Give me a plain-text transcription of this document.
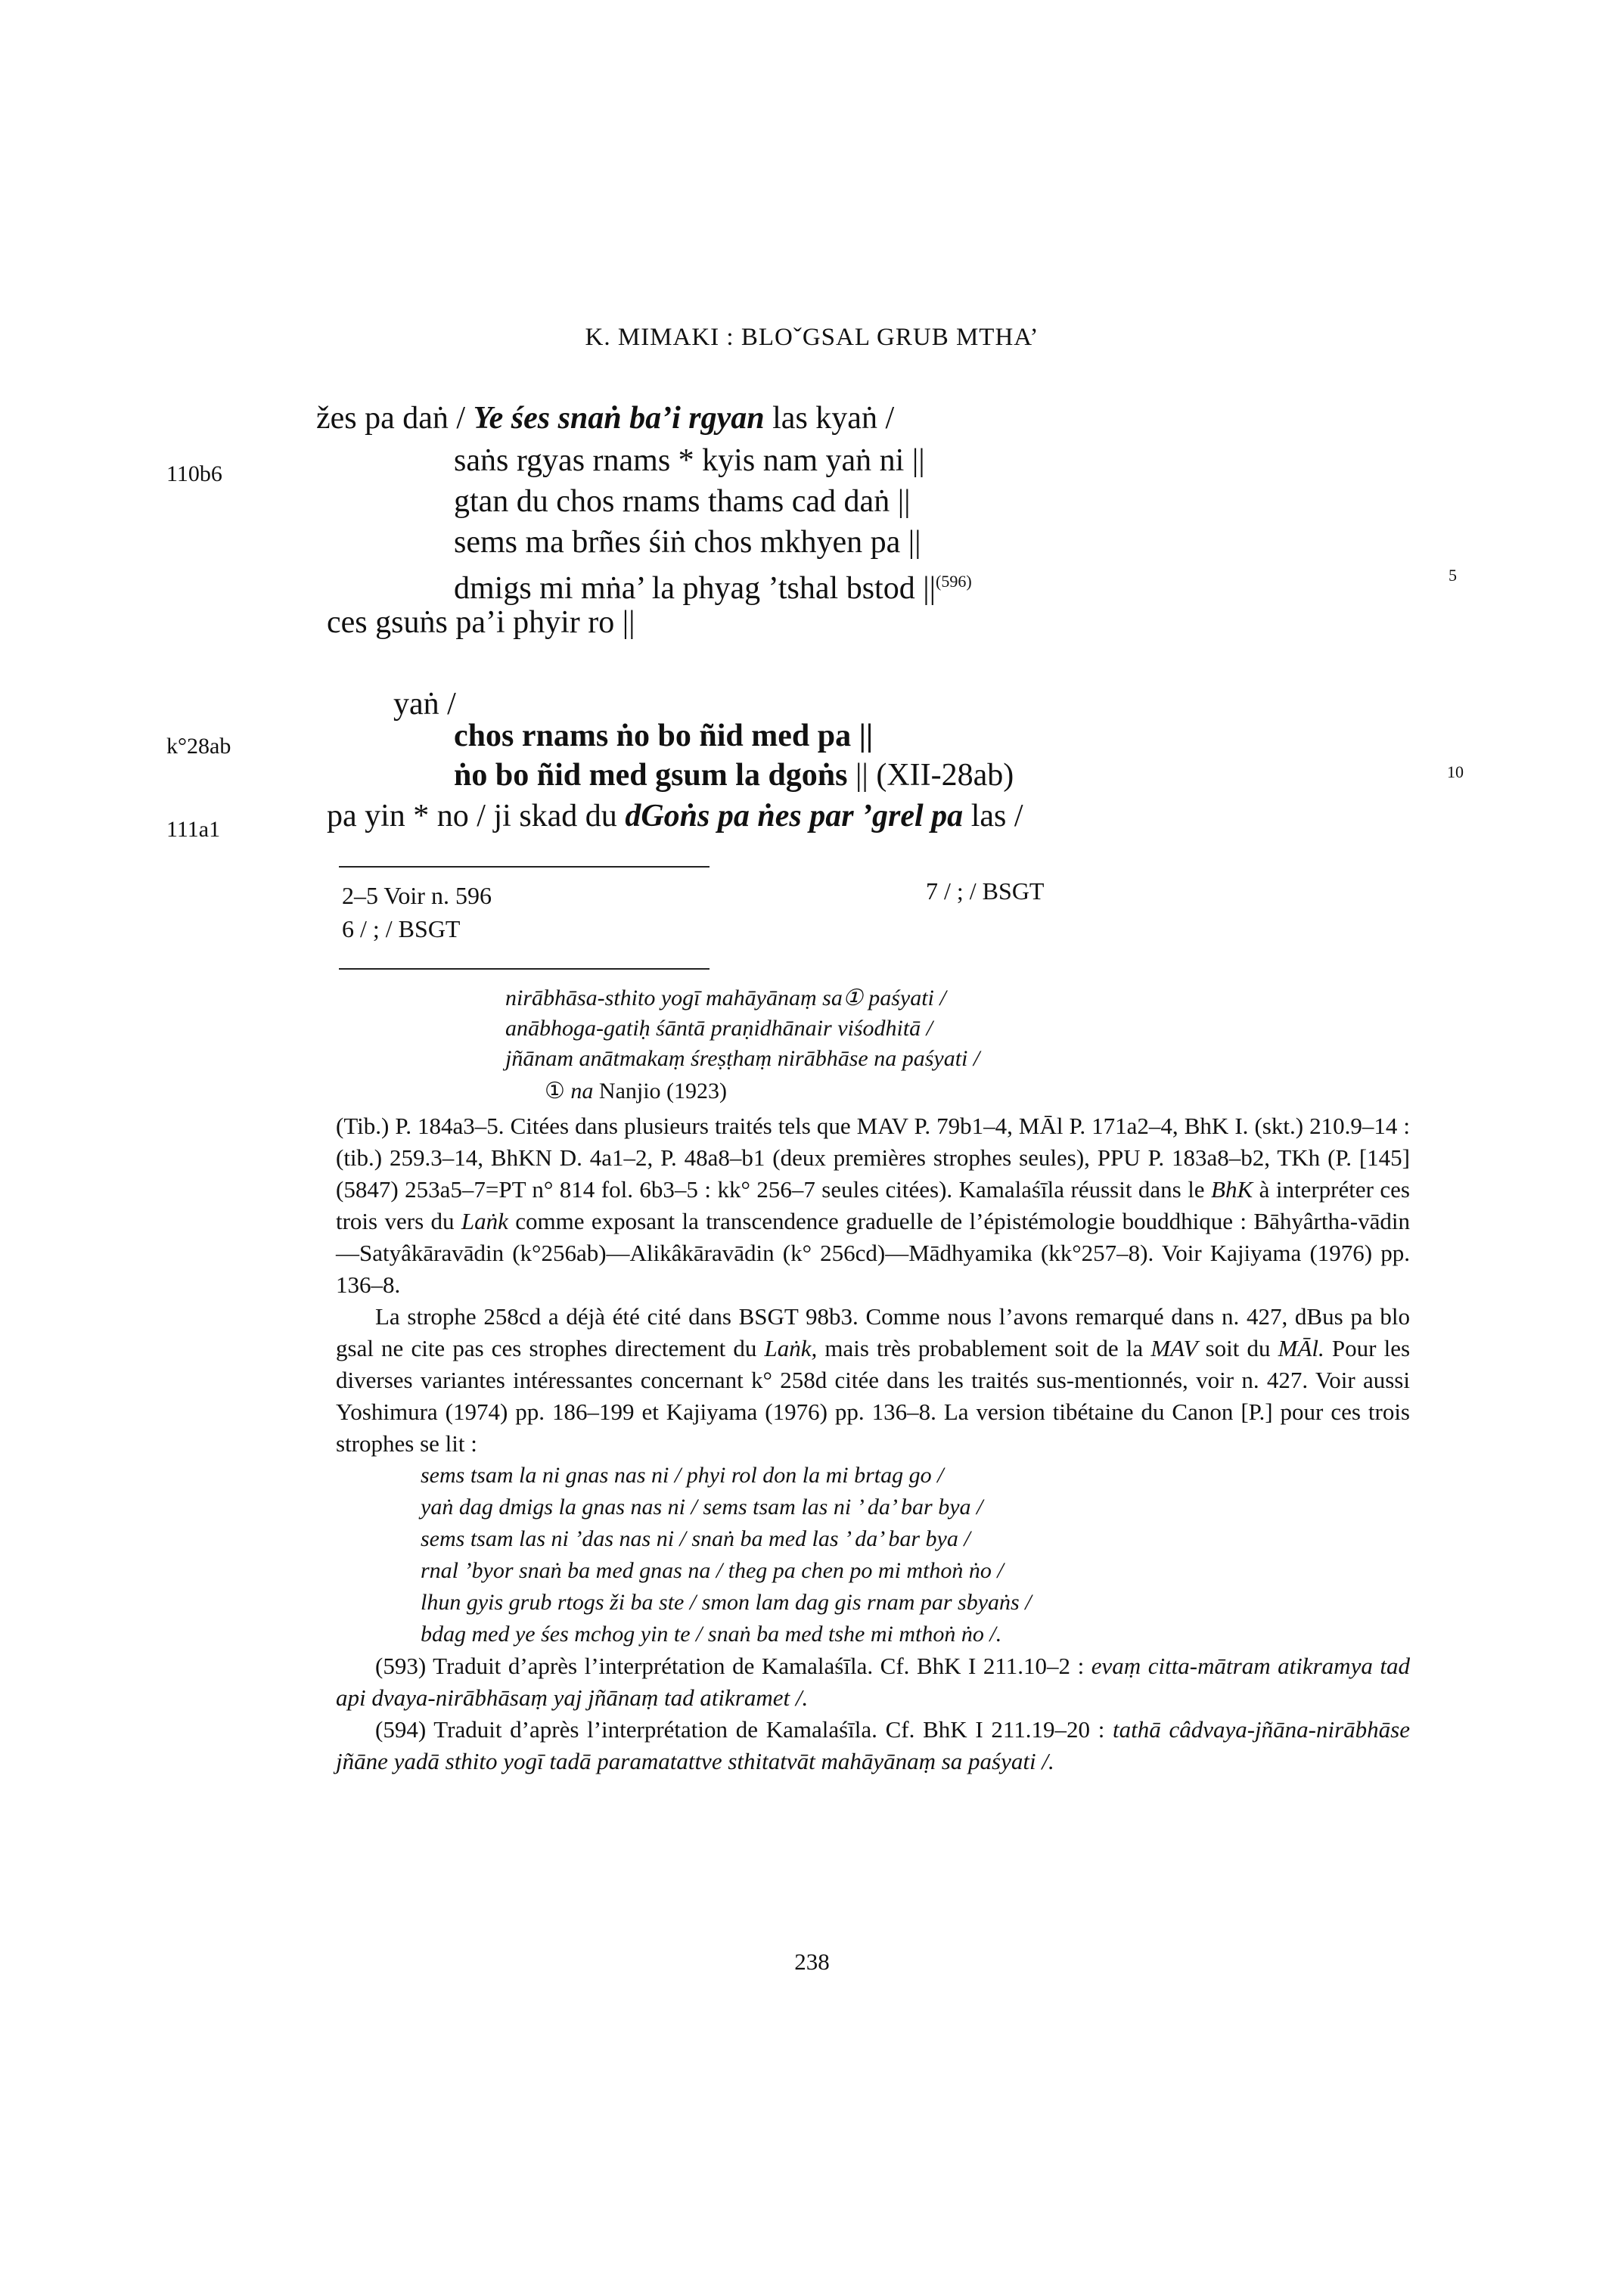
K. MIMAKI : BLOˇGSAL GRUB MTHA’
110b6
k°28ab
111a1
5
10
žes pa daṅ / Ye śes snaṅ ba’i rgyan las kyaṅ /
saṅs rgyas rnams * kyis nam yaṅ ni ||
gtan du chos rnams thams cad daṅ ||
sems ma brñes śiṅ chos mkhyen pa ||
dmigs mi mṅa’ la phyag ’tshal bstod $||^{(596)}$
ces gsuṅs pa’i phyir ro ||
yaṅ /
chos rnams ṅo bo ñid med pa ||
ṅo bo ñid med gsum la dgoṅs || (XII-28ab)
pa yin * no / ji skad du dGoṅs pa ṅes par ’grel pa las /
2–5 Voir n. 596
6 / ; / BSGT
7 / ; / BSGT
nirābhāsa-sthito yogī mahāyānaṃ sa① paśyati /
anābhoga-gatiḥ śāntā praṇidhānair viśodhitā /
jñānam anātmakaṃ śreṣṭhaṃ nirābhāse na paśyati /
① na Nanjio (1923)

(Tib.) P. 184a3–5. Citées dans plusieurs traités tels que MAV P. 79b1–4, MĀl P. 171a2–4, BhK I. (skt.) 210.9–14 : (tib.) 259.3–14, BhKN D. 4a1–2, P. 48a8–b1 (deux premières strophes seules), PPU P. 183a8–b2, TKh (P. [145] (5847) 253a5–7=PT n° 814 fol. 6b3–5 : kk° 256–7 seules citées). Kamalaśīla réussit dans le BhK à interpréter ces trois vers du Laṅk comme exposant la transcendence graduelle de l’épistémologie bouddhique : Bāhyârtha-vādin—Satyâkāravādin (k°256ab)—Alikâkāravādin (k° 256cd)—Mādhyamika (kk°257–8). Voir Kajiyama (1976) pp. 136–8.

La strophe 258cd a déjà été cité dans BSGT 98b3. Comme nous l’avons remarqué dans n. 427, dBus pa blo gsal ne cite pas ces strophes directement du Laṅk, mais très probablement soit de la MAV soit du MĀl. Pour les diverses variantes intéressantes concernant k° 258d citée dans les traités sus-mentionnés, voir n. 427. Voir aussi Yoshimura (1974) pp. 186–199 et Kajiyama (1976) pp. 136–8. La version tibétaine du Canon [P.] pour ces trois strophes se lit :

sems tsam la ni gnas nas ni / phyi rol don la mi brtag go /
yaṅ dag dmigs la gnas nas ni / sems tsam las ni ’ da’ bar bya /
sems tsam las ni ’das nas ni / snaṅ ba med las ’ da’ bar bya /
rnal ’byor snaṅ ba med gnas na / theg pa chen po mi mthoṅ ṅo /
lhun gyis grub rtogs ži ba ste / smon lam dag gis rnam par sbyaṅs /
bdag med ye śes mchog yin te / snaṅ ba med tshe mi mthoṅ ṅo /.

(593) Traduit d’après l’interprétation de Kamalaśīla. Cf. BhK I 211.10–2 : evaṃ citta-mātram atikramya tad api dvaya-nirābhāsaṃ yaj jñānaṃ tad atikramet /.

(594) Traduit d’après l’interprétation de Kamalaśīla. Cf. BhK I 211.19–20 : tathā câdvaya-jñāna-nirābhāse jñāne yadā sthito yogī tadā paramatattve sthitatvāt mahāyānaṃ sa paśyati /.

238
